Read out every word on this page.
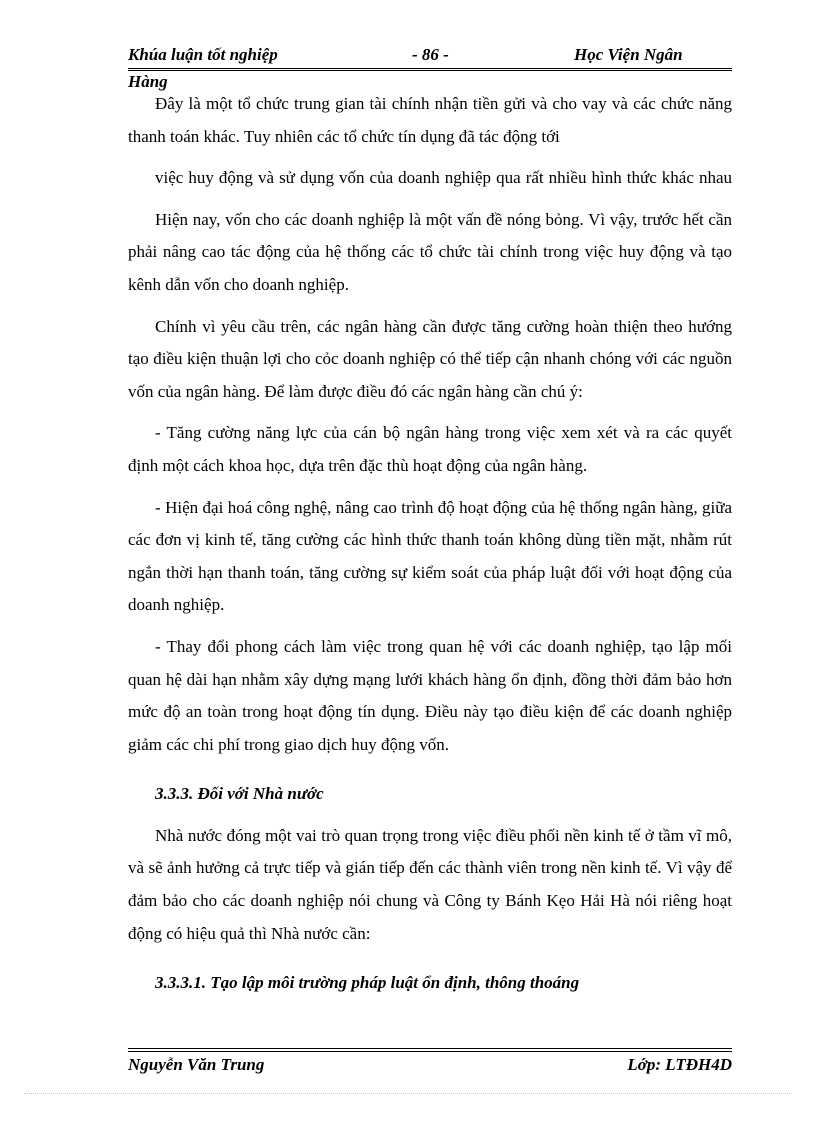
Khúa luận tốt nghiệp	- 86 -	Học Viện Ngân
Hàng

Đây là một tổ chức trung gian tài chính nhận tiền gửi và cho vay và các chức năng thanh toán khác. Tuy nhiên các tổ chức tín dụng đã tác động tới

việc huy động và sử dụng vốn của doanh nghiệp qua rất nhiều hình thức khác nhau

Hiện nay, vốn cho các doanh nghiệp là một vấn đề nóng bỏng. Vì vậy, trước hết cần phải nâng cao tác động của hệ thống các tổ chức tài chính trong việc huy động và tạo kênh dẫn vốn cho doanh nghiệp.

Chính vì yêu cầu trên, các ngân hàng cần được tăng cường hoàn thiện theo hướng tạo điều kiện thuận lợi cho cỏc doanh nghiệp có thể tiếp cận nhanh chóng với các nguồn vốn của ngân hàng. Để làm được điều đó các ngân hàng cần chú ý:

- Tăng cường năng lực của cán bộ ngân hàng trong việc xem xét và ra các quyết định một cách khoa học, dựa trên đặc thù hoạt động của ngân hàng.

- Hiện đại hoá công nghệ, nâng cao trình độ hoạt động của hệ thống ngân hàng, giữa các đơn vị kinh tế, tăng cường các hình thức thanh toán không dùng tiền mặt, nhằm rút ngắn thời hạn thanh toán, tăng cường sự kiểm soát của pháp luật đối với hoạt động của doanh nghiệp.

- Thay đổi phong cách làm việc trong quan hệ với các doanh nghiệp, tạo lập mối quan hệ dài hạn nhằm xây dựng mạng lưới khách hàng ổn định, đồng thời đảm bảo hơn mức độ an toàn trong hoạt động tín dụng. Điều này tạo điều kiện để các doanh nghiệp giảm các chi phí trong giao dịch huy động vốn.

3.3.3. Đối với Nhà nước

Nhà nước đóng một vai trò quan trọng trong việc điều phối nền kinh tế ở tầm vĩ mô, và sẽ ảnh hưởng cả trực tiếp và gián tiếp đến các thành viên trong nền kinh tế. Vì vậy để đảm bảo cho các doanh nghiệp nói chung và Công ty Bánh Kẹo Hải Hà nói riêng hoạt động có hiệu quả thì Nhà nước cần:

3.3.3.1. Tạo lập môi trường pháp luật ổn định, thông thoáng

Nguyễn Văn Trung	Lớp: LTĐH4D
